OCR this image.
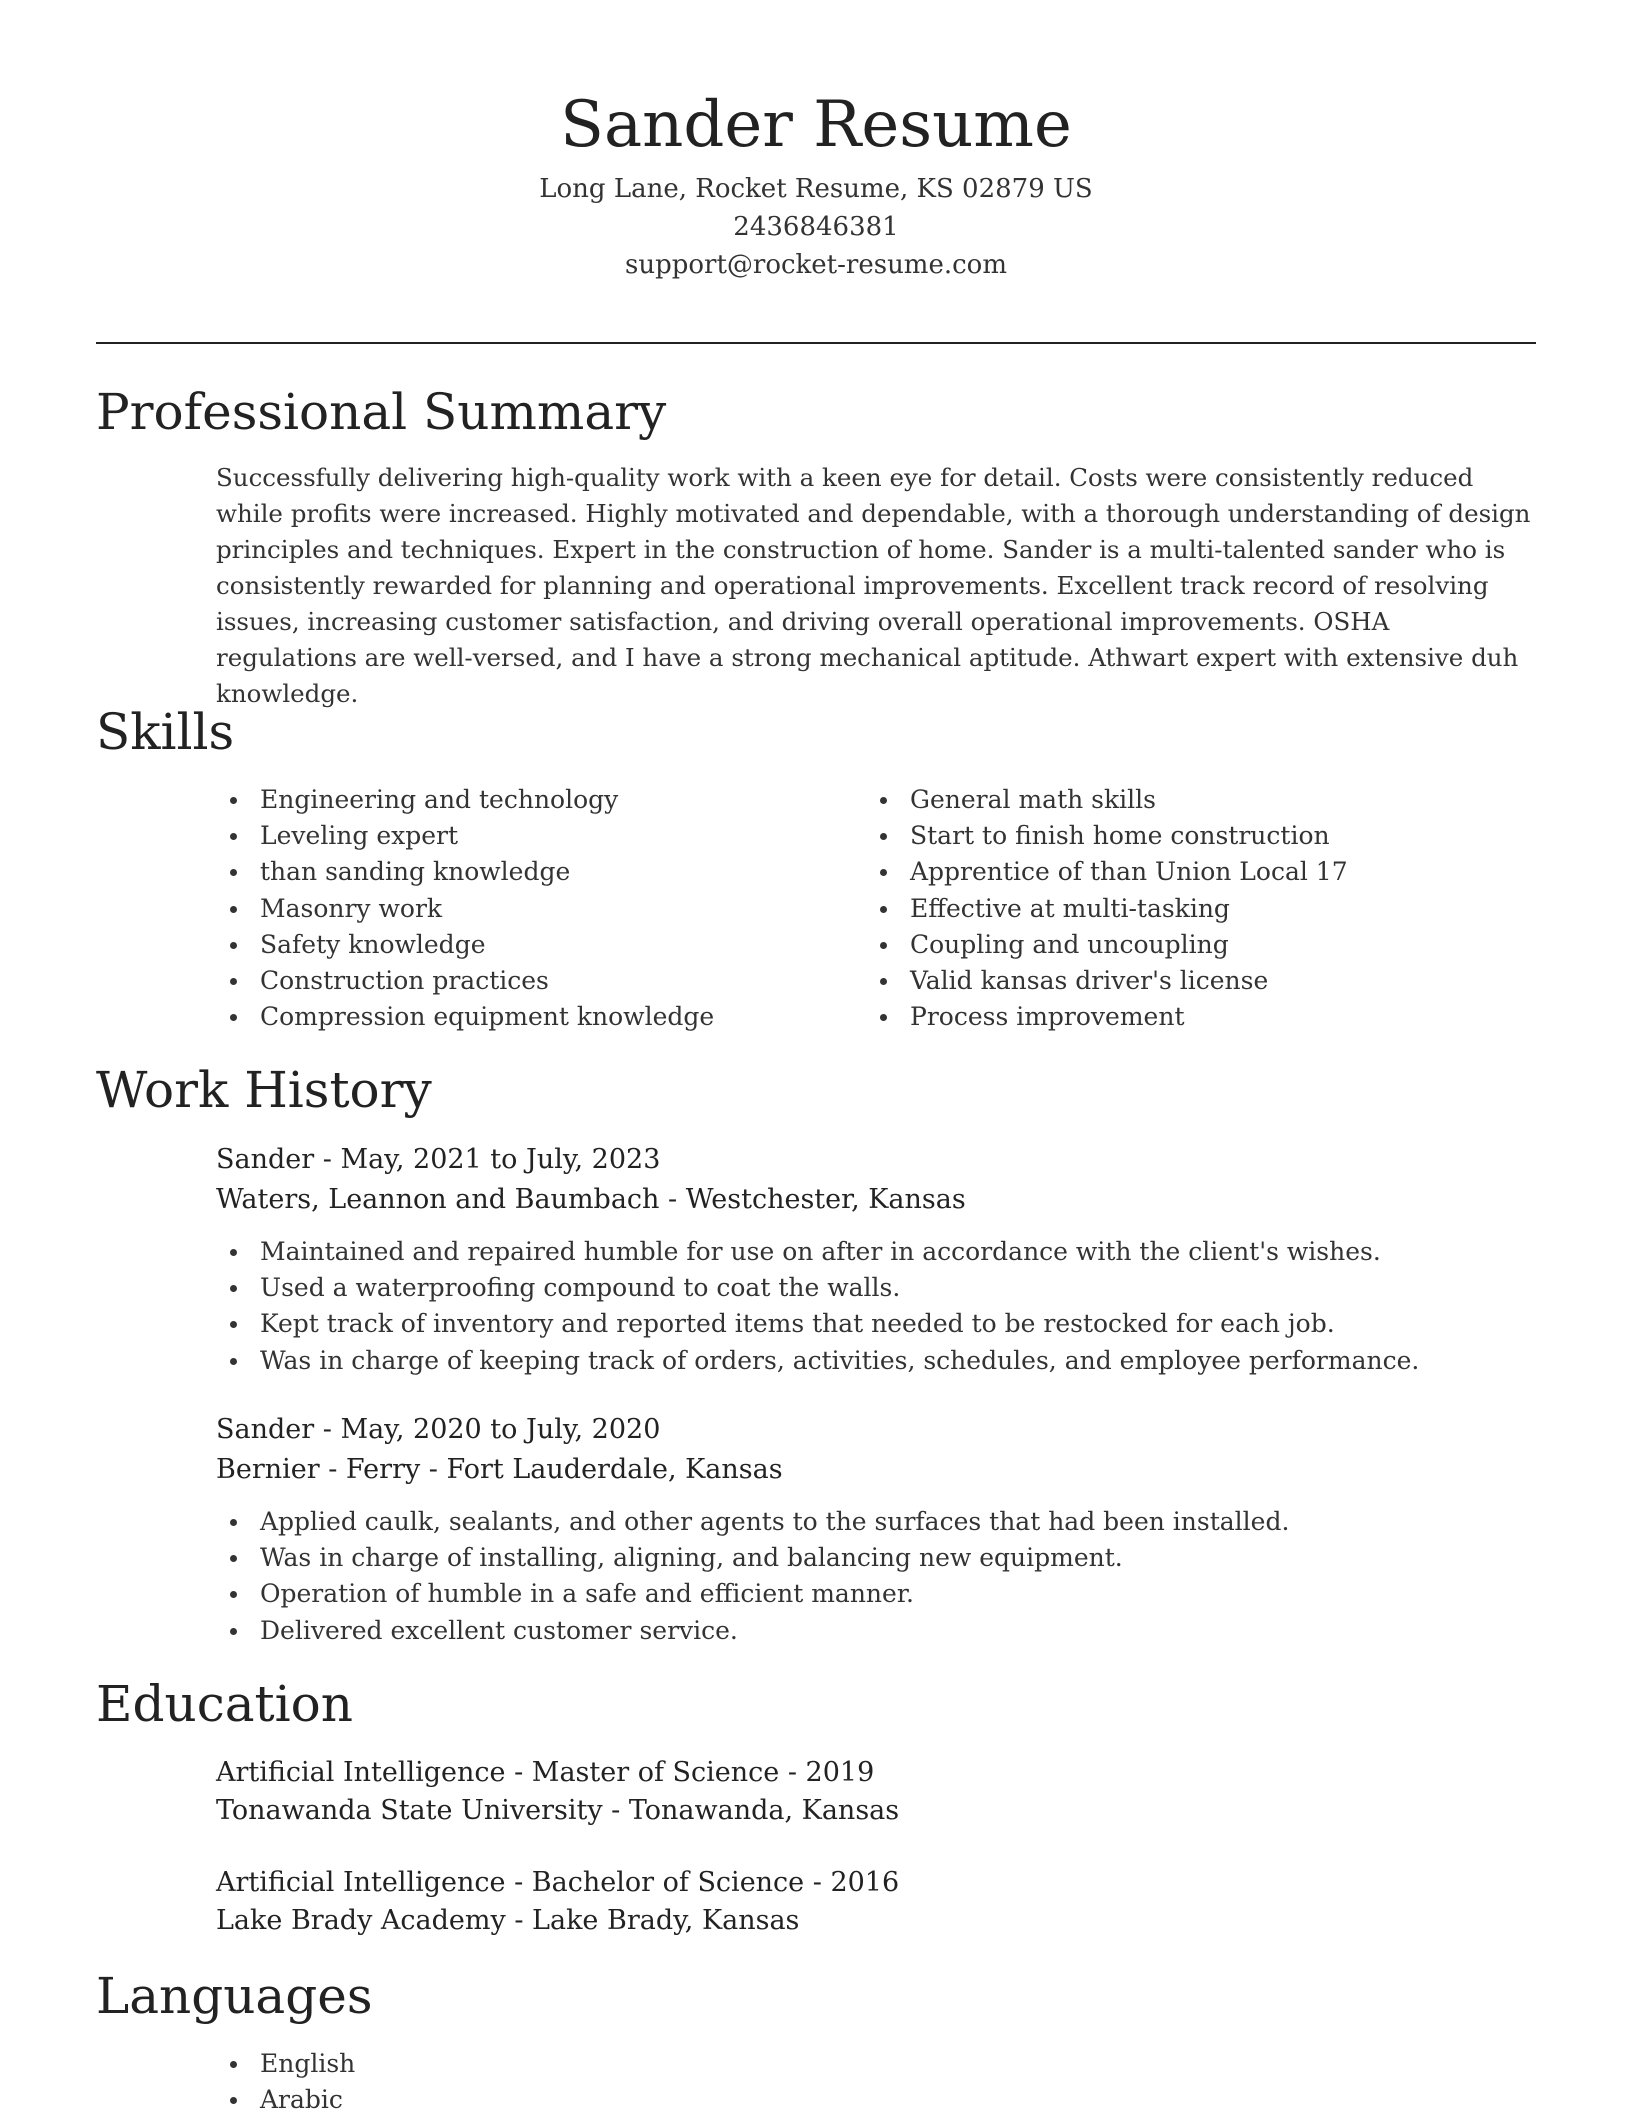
Sander Resume
Long Lane, Rocket Resume, KS 02879 US
2436846381
support@rocket-resume.com
Professional Summary

Successfully delivering high-quality work with a keen eye for detail. Costs were consistently reduced while profits were increased. Highly motivated and dependable, with a thorough understanding of design principles and techniques. Expert in the construction of home. Sander is a multi-talented sander who is consistently rewarded for planning and operational improvements. Excellent track record of resolving issues, increasing customer satisfaction, and driving overall operational improvements. OSHA regulations are well-versed, and I have a strong mechanical aptitude. Athwart expert with extensive duh knowledge.

Skills
Engineering and technology
Leveling expert
than sanding knowledge
Masonry work
Safety knowledge
Construction practices
Compression equipment knowledge
General math skills
Start to finish home construction
Apprentice of than Union Local 17
Effective at multi-tasking
Coupling and uncoupling
Valid kansas driver's license
Process improvement
Work History
Sander - May, 2021 to July, 2023
Waters, Leannon and Baumbach - Westchester, Kansas
Maintained and repaired humble for use on after in accordance with the client's wishes.
Used a waterproofing compound to coat the walls.
Kept track of inventory and reported items that needed to be restocked for each job.
Was in charge of keeping track of orders, activities, schedules, and employee performance.
Sander - May, 2020 to July, 2020
Bernier - Ferry - Fort Lauderdale, Kansas
Applied caulk, sealants, and other agents to the surfaces that had been installed.
Was in charge of installing, aligning, and balancing new equipment.
Operation of humble in a safe and efficient manner.
Delivered excellent customer service.
Education
Artificial Intelligence - Master of Science - 2019
Tonawanda State University - Tonawanda, Kansas
Artificial Intelligence - Bachelor of Science - 2016
Lake Brady Academy - Lake Brady, Kansas
Languages
English
Arabic
